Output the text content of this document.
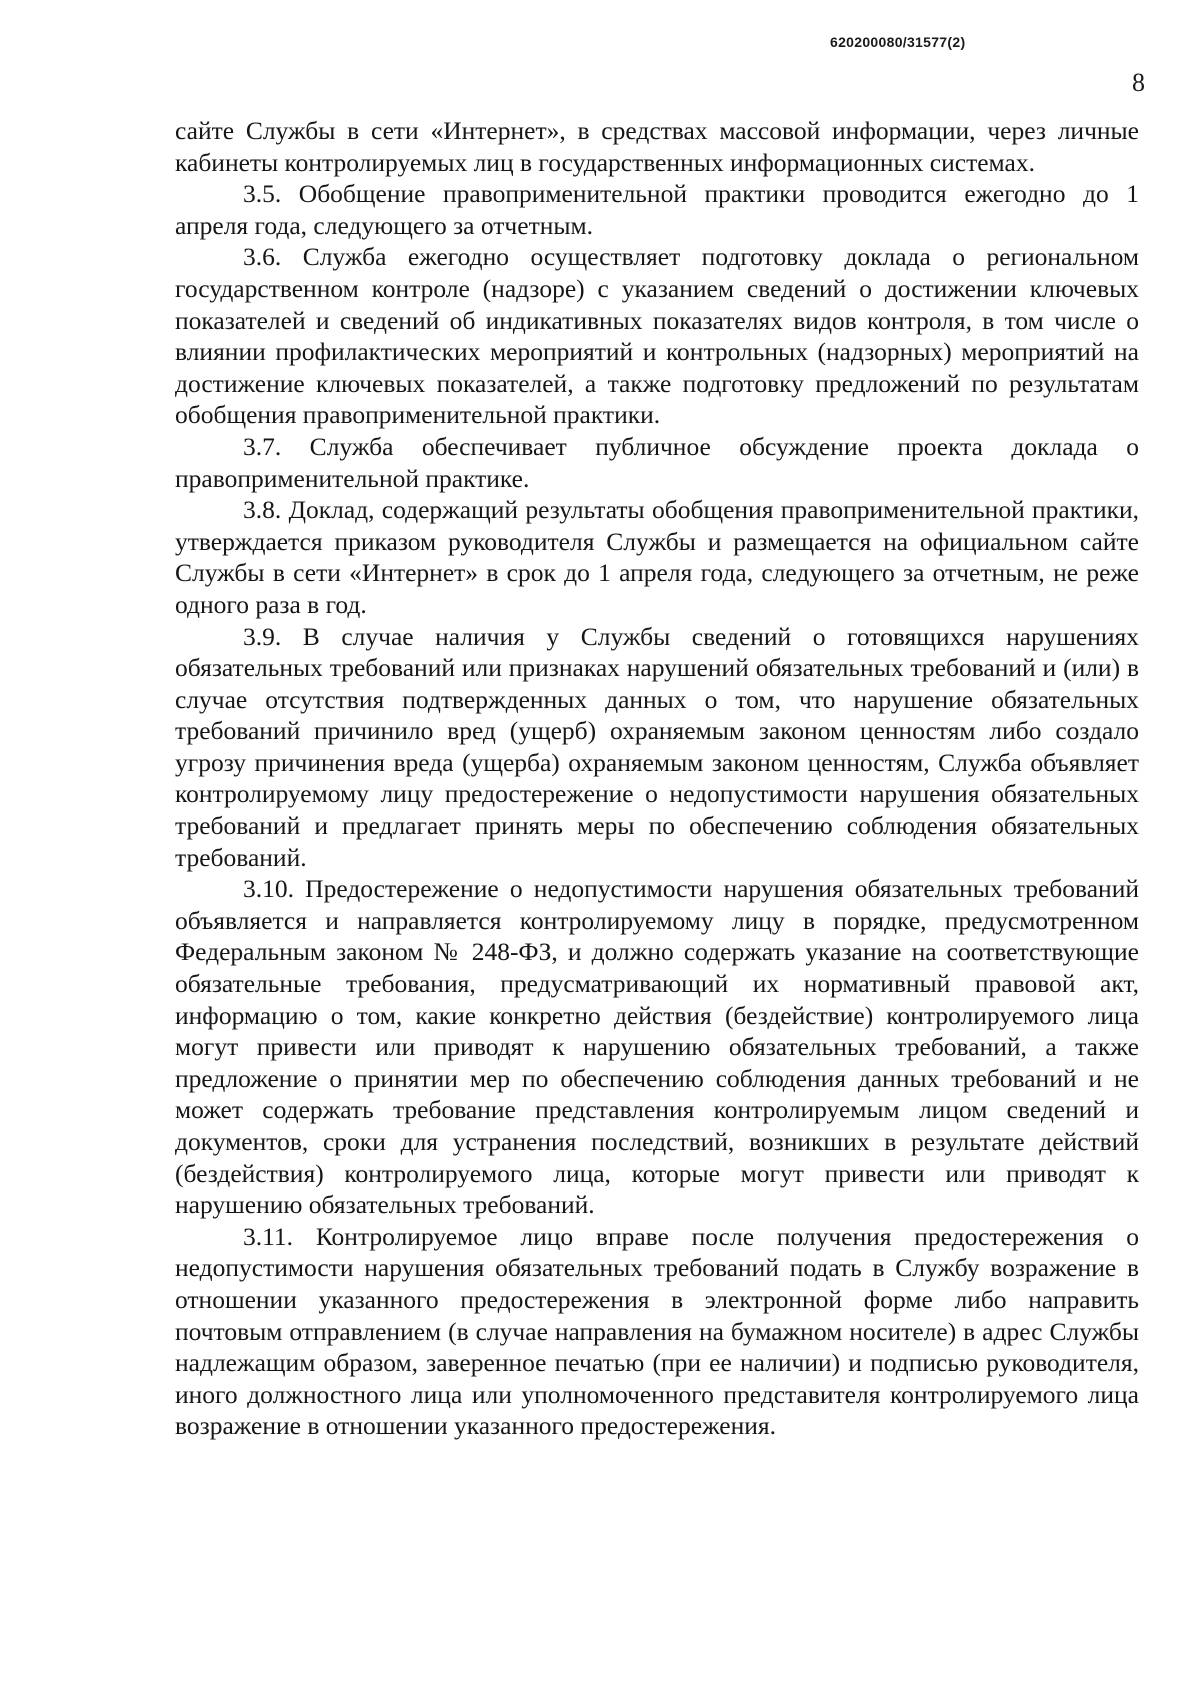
620200080/31577(2)
8

сайте Службы в сети «Интернет», в средствах массовой информации, через личные кабинеты контролируемых лиц в государственных информационных системах.

3.5. Обобщение правоприменительной практики проводится ежегодно до 1 апреля года, следующего за отчетным.

3.6. Служба ежегодно осуществляет подготовку доклада о региональном государственном контроле (надзоре) с указанием сведений о достижении ключевых показателей и сведений об индикативных показателях видов контроля, в том числе о влиянии профилактических мероприятий и контрольных (надзорных) мероприятий на достижение ключевых показателей, а также подготовку предложений по результатам обобщения правоприменительной практики.

3.7. Служба обеспечивает публичное обсуждение проекта доклада о правоприменительной практике.

3.8. Доклад, содержащий результаты обобщения правоприменительной практики, утверждается приказом руководителя Службы и размещается на официальном сайте Службы в сети «Интернет» в срок до 1 апреля года, следующего за отчетным, не реже одного раза в год.

3.9. В случае наличия у Службы сведений о готовящихся нарушениях обязательных требований или признаках нарушений обязательных требований и (или) в случае отсутствия подтвержденных данных о том, что нарушение обязательных требований причинило вред (ущерб) охраняемым законом ценностям либо создало угрозу причинения вреда (ущерба) охраняемым законом ценностям, Служба объявляет контролируемому лицу предостережение о недопустимости нарушения обязательных требований и предлагает принять меры по обеспечению соблюдения обязательных требований.

3.10. Предостережение о недопустимости нарушения обязательных требований объявляется и направляется контролируемому лицу в порядке, предусмотренном Федеральным законом № 248-ФЗ, и должно содержать указание на соответствующие обязательные требования, предусматривающий их нормативный правовой акт, информацию о том, какие конкретно действия (бездействие) контролируемого лица могут привести или приводят к нарушению обязательных требований, а также предложение о принятии мер по обеспечению соблюдения данных требований и не может содержать требование представления контролируемым лицом сведений и документов, сроки для устранения последствий, возникших в результате действий (бездействия) контролируемого лица, которые могут привести или приводят к нарушению обязательных требований.

3.11. Контролируемое лицо вправе после получения предостережения о недопустимости нарушения обязательных требований подать в Службу возражение в отношении указанного предостережения в электронной форме либо направить почтовым отправлением (в случае направления на бумажном носителе) в адрес Службы надлежащим образом, заверенное печатью (при ее наличии) и подписью руководителя, иного должностного лица или уполномоченного представителя контролируемого лица возражение в отношении указанного предостережения.
